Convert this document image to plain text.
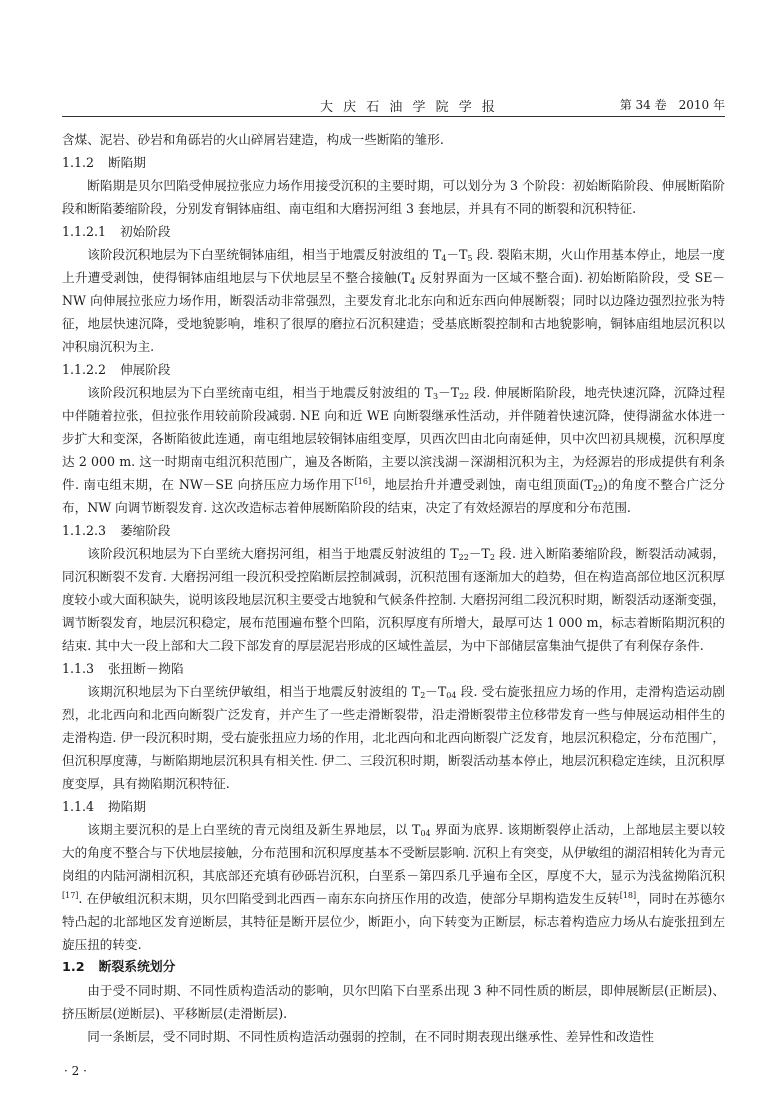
大 庆 石 油 学 院 学 报	第 34 卷　2010 年

含煤、泥岩、砂岩和角砾岩的火山碎屑岩建造，构成一些断陷的雏形.

1.1.2 断陷期

断陷期是贝尔凹陷受伸展拉张应力场作用接受沉积的主要时期，可以划分为 3 个阶段：初始断陷阶段、伸展断陷阶段和断陷萎缩阶段，分别发育铜钵庙组、南屯组和大磨拐河组 3 套地层，并具有不同的断裂和沉积特征.

1.1.2.1 初始阶段

该阶段沉积地层为下白垩统铜钵庙组，相当于地震反射波组的 $T_4-T_5$ 段. 裂陷末期，火山作用基本停止，地层一度上升遭受剥蚀，使得铜钵庙组地层与下伏地层呈不整合接触($T_4$ 反射界面为一区域不整合面). 初始断陷阶段，受 SE－NW 向伸展拉张应力场作用，断裂活动非常强烈，主要发育北北东向和近东西向伸展断裂；同时以边隆边强烈拉张为特征，地层快速沉降，受地貌影响，堆积了很厚的磨拉石沉积建造；受基底断裂控制和古地貌影响，铜钵庙组地层沉积以冲积扇沉积为主.

1.1.2.2 伸展阶段

该阶段沉积地层为下白垩统南屯组，相当于地震反射波组的 $T_3-T_{22}$ 段. 伸展断陷阶段，地壳快速沉降，沉降过程中伴随着拉张，但拉张作用较前阶段减弱. NE 向和近 WE 向断裂继承性活动，并伴随着快速沉降，使得湖盆水体进一步扩大和变深，各断陷彼此连通，南屯组地层较铜钵庙组变厚，贝西次凹由北向南延伸，贝中次凹初具规模，沉积厚度达 2 000 m. 这一时期南屯组沉积范围广，遍及各断陷，主要以滨浅湖－深湖相沉积为主，为烃源岩的形成提供有利条件. 南屯组末期，在 NW－SE 向挤压应力场作用下[16]，地层抬升并遭受剥蚀，南屯组顶面$(T_{22})$的角度不整合广泛分布，NW 向调节断裂发育. 这次改造标志着伸展断陷阶段的结束，决定了有效烃源岩的厚度和分布范围.

1.1.2.3 萎缩阶段

该阶段沉积地层为下白垩统大磨拐河组，相当于地震反射波组的 $T_{22}-T_2$ 段. 进入断陷萎缩阶段，断裂活动减弱，同沉积断裂不发育. 大磨拐河组一段沉积受控陷断层控制减弱，沉积范围有逐渐加大的趋势，但在构造高部位地区沉积厚度较小或大面积缺失，说明该段地层沉积主要受古地貌和气候条件控制. 大磨拐河组二段沉积时期，断裂活动逐渐变强，调节断裂发育，地层沉积稳定，展布范围遍布整个凹陷，沉积厚度有所增大，最厚可达 1 000 m，标志着断陷期沉积的结束. 其中大一段上部和大二段下部发育的厚层泥岩形成的区域性盖层，为中下部储层富集油气提供了有利保存条件.

1.1.3 张扭断－拗陷

该期沉积地层为下白垩统伊敏组，相当于地震反射波组的 $T_2-T_{04}$ 段. 受右旋张扭应力场的作用，走滑构造运动剧烈，北北西向和北西向断裂广泛发育，并产生了一些走滑断裂带，沿走滑断裂带主位移带发育一些与伸展运动相伴生的走滑构造. 伊一段沉积时期，受右旋张扭应力场的作用，北北西向和北西向断裂广泛发育，地层沉积稳定，分布范围广，但沉积厚度薄，与断陷期地层沉积具有相关性. 伊二、三段沉积时期，断裂活动基本停止，地层沉积稳定连续，且沉积厚度变厚，具有拗陷期沉积特征.

1.1.4 拗陷期

该期主要沉积的是上白垩统的青元岗组及新生界地层，以 $T_{04}$ 界面为底界. 该期断裂停止活动，上部地层主要以较大的角度不整合与下伏地层接触，分布范围和沉积厚度基本不受断层影响. 沉积上有突变，从伊敏组的湖沼相转化为青元岗组的内陆河湖相沉积，其底部还充填有砂砾岩沉积，白垩系－第四系几乎遍布全区，厚度不大，显示为浅盆拗陷沉积[17]. 在伊敏组沉积末期，贝尔凹陷受到北西西－南东东向挤压作用的改造，使部分早期构造发生反转[18]，同时在苏德尔特凸起的北部地区发育逆断层，其特征是断开层位少，断距小，向下转变为正断层，标志着构造应力场从右旋张扭到左旋压扭的转变.

1.2 断裂系统划分

由于受不同时期、不同性质构造活动的影响，贝尔凹陷下白垩系出现 3 种不同性质的断层，即伸展断层(正断层)、挤压断层(逆断层)、平移断层(走滑断层).

同一条断层，受不同时期、不同性质构造活动强弱的控制，在不同时期表现出继承性、差异性和改造性

· 2 ·
